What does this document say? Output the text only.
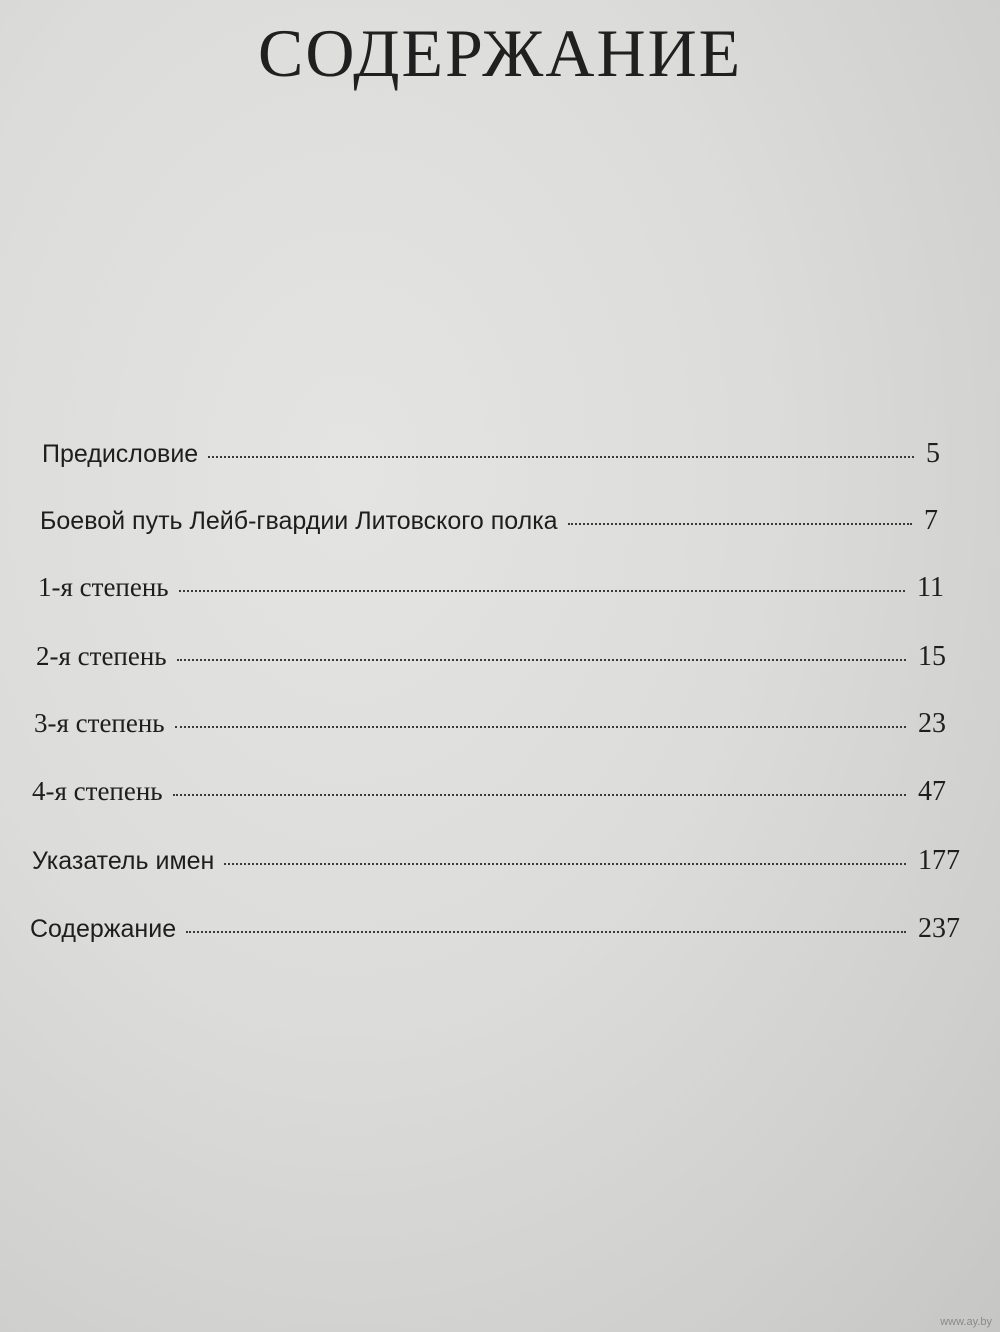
СОДЕРЖАНИЕ
Предисловие	5
Боевой путь Лейб-гвардии Литовского полка	7
1-я степень	11
2-я степень	15
3-я степень	23
4-я степень	47
Указатель имен	177
Содержание	237
www.ay.by
